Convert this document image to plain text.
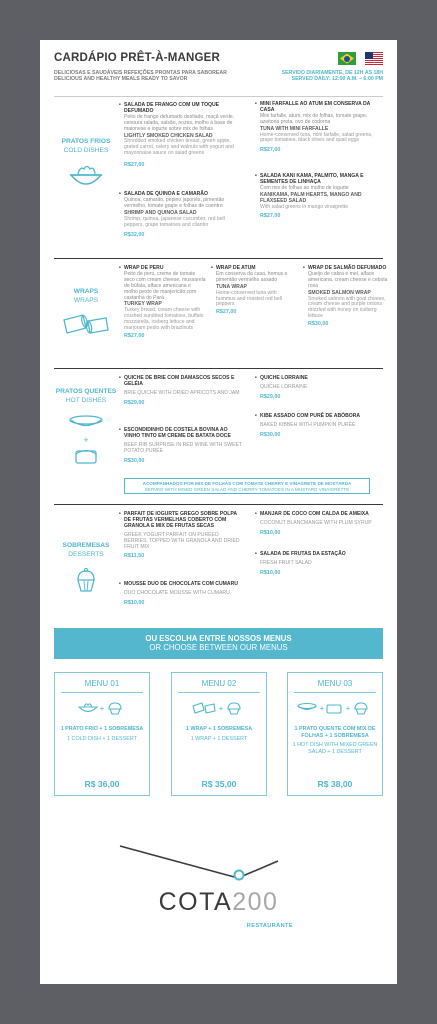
CARDÁPIO PRÊT-À-MANGER
DELICIOSAS E SAUDÁVEIS REFEIÇÕES PRONTAS PARA SABOREAR
DELICIOUS AND HEALTHY MEALS READY TO SAVOR
SERVIDO DIARIAMENTE, DE 12H ÀS 18H
SERVED DAILY: 12:00 A.M. – 6:00 PM
PRATOS FRIOS
COLD DISHES
• SALADA DE FRANGO COM UM TOQUE DEFUMADO
Peito de frango defumado desfiado, maçã verde, cenoura ralada, salsão, nozes, molho à base de maionese e iogurte sobre mix de folhas
LIGHTLY SMOKED CHICKEN SALAD
Shredded smoked chicken breast, green apple, grated carrot, celery and walnuts with yogurt and mayonnaise sauce on salad greens
R$27,00
• SALADA DE QUINOA E CAMARÃO
Quinoa, camarão, pepino japonês, pimentão vermelho, tomate grape e folhas de coentro
SHRIMP AND QUINOA SALAD
Shrimp, quinoa, japanese cucumber, red bell peppers, grape tomatoes and cilantro
R$32,00
• MINI FARFALLE AO ATUM EM CONSERVA DA CASA
Mini farfalle, atum, mix de folhas, tomate grape, azeitona preta, ovo de codorna
TUNA WITH MINI FARFALLE
Home-conserved tuna, mini farfalle, salad greens, grape tomatoes, black olives and quail eggs
R$27,00
• SALADA KANI KAMA, PALMITO, MANGA E SEMENTES DE LINHAÇA
Com mix de folhas ao molho de iogurte
KANIKAMA, PALM HEARTS, MANGO AND FLAXSEED SALAD
With salad greens in mango vinaigrette
R$27,00
WRAPS
WRAPS
• WRAP DE PERU
Peito de peru, creme de tomate seco com cream cheese, mussarela de búfala, alface americana e molho pesto de manjericão com castanha do Pará
TURKEY WRAP
Turkey breast, cream cheese with crushed sundried tomatoes, buffalo mozzarella, iceberg lettuce and marjoram pesto with brazilnuts
R$27,00
• WRAP DE ATUM
Em conserva da casa, homus e pimentão vermelho assado
TUNA WRAP
Home-conserved tuna with hummus and roasted red bell peppers
R$27,00
• WRAP DE SALMÃO DEFUMADO
Queijo de cabra e mel, alface americana, cream cheese e cebola roxa
SMOKED SALMON WRAP
Smoked salmon with goat cheese, cream cheese and purple onions drizzled with honey on iceberg lettuce
R$30,00
PRATOS QUENTES
HOT DISHES
+
• QUICHE DE BRIE COM DAMASCOS SECOS E GELÉIA
BRIE QUICHE WITH DRIED APRICOTS AND JAM
R$29,00
• ESCONDIDINHO DE COSTELA BOVINA AO VINHO TINTO EM CREME DE BATATA DOCE
BEEF RIB SURPRISE IN RED WINE WITH SWEET POTATO PURÉE
R$30,00
• QUICHE LORRAINE
QUICHE LORRAINE
R$29,00
• KIBE ASSADO COM PURÊ DE ABÓBORA
BAKED KIBBEH WITH PUMPKIN PURÉE
R$30,00
ACOMPANHADOS POR MIX DE FOLHAS COM TOMATE CHERRY E VINAGRETE DE MOSTARDA
SERVED WITH MIXED GREEN SALAD AND CHERRY TOMATOES IN A MUSTARD VINAIGRETTE
SOBREMESAS
DESSERTS
• PARFAIT DE IOGURTE GREGO SOBRE POLPA DE FRUTAS VERMELHAS COBERTO COM GRANOLA E MIX DE FRUTAS SECAS
GREEK YOGURT PARFAIT ON PURÉED BERRIES, TOPPED WITH GRANOLA AND DRIED FRUIT MIX
R$11,50
• MOUSSE DUO DE CHOCOLATE COM CUMARU
DUO CHOCOLATE MOUSSE WITH CUMARU
R$10,00
• MANJAR DE COCO COM CALDA DE AMEIXA
COCONUT BLANCMANGE WITH PLUM SYRUP
R$10,00
• SALADA DE FRUTAS DA ESTAÇÃO
FRESH FRUIT SALAD
R$10,00
OU ESCOLHA ENTRE NOSSOS MENUS
OR CHOOSE BETWEEN OUR MENUS
MENU 01
+
1 PRATO FRIO + 1 SOBREMESA
1 COLD DISH + 1 DESSERT
R$ 36,00
MENU 02
+
1 WRAP + 1 SOBREMESA
1 WRAP + 1 DESSERT
R$ 35,00
MENU 03
+	+
1 PRATO QUENTE COM MIX DE FOLHAS + 1 SOBREMESA
1 HOT DISH WITH MIXED GREEN SALAD + 1 DESSERT
R$ 38,00
COTA200
RESTAURANTE
